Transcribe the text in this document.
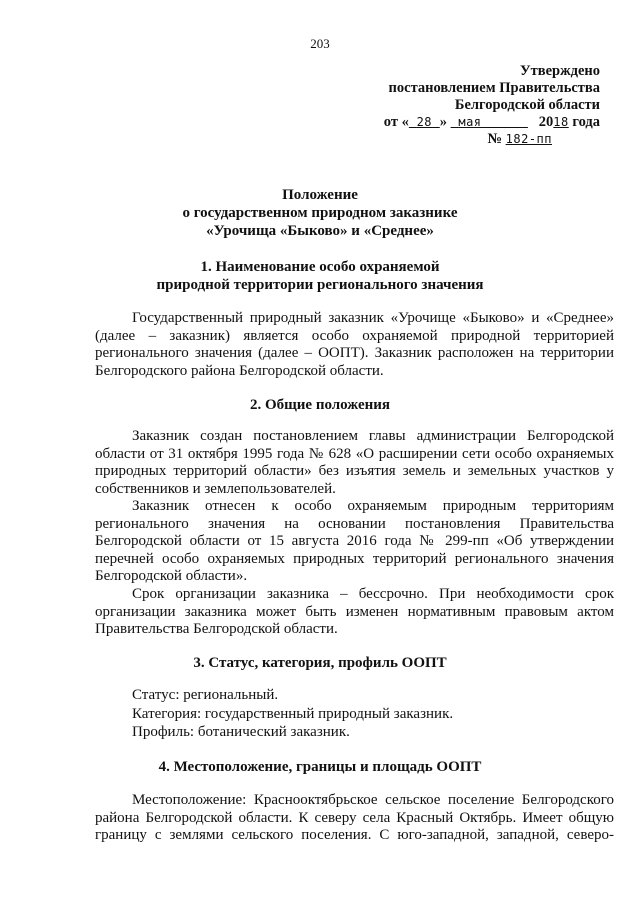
203
Утверждено
постановлением Правительства
Белгородской области
от « 28 » мая	2018 года
№ 182-пп
Положение
о государственном природном заказнике
«Урочища «Быково» и «Среднее»
1. Наименование особо охраняемой
природной территории регионального значения
Государственный природный заказник «Урочище «Быково» и «Среднее»
(далее – заказник) является особо охраняемой природной территорией
регионального значения (далее – ООПТ). Заказник расположен на территории
Белгородского района Белгородской области.
2. Общие положения
Заказник создан постановлением главы администрации Белгородской
области от 31 октября 1995 года № 628 «О расширении сети особо охраняемых
природных территорий области» без изъятия земель и земельных участков у
собственников и землепользователей.
Заказник отнесен к особо охраняемым природным территориям
регионального значения на основании постановления Правительства
Белгородской области от 15 августа 2016 года № 299-пп «Об утверждении
перечней особо охраняемых природных территорий регионального значения
Белгородской области».
Срок организации заказника – бессрочно. При необходимости срок
организации заказника может быть изменен нормативным правовым актом
Правительства Белгородской области.
3. Статус, категория, профиль ООПТ
Статус: региональный.
Категория: государственный природный заказник.
Профиль: ботанический заказник.
4. Местоположение, границы и площадь ООПТ
Местоположение: Краснооктябрьское сельское поселение Белгородского
района Белгородской области. К северу села Красный Октябрь. Имеет общую
границу с землями сельского поселения. С юго-западной, западной, северо-
